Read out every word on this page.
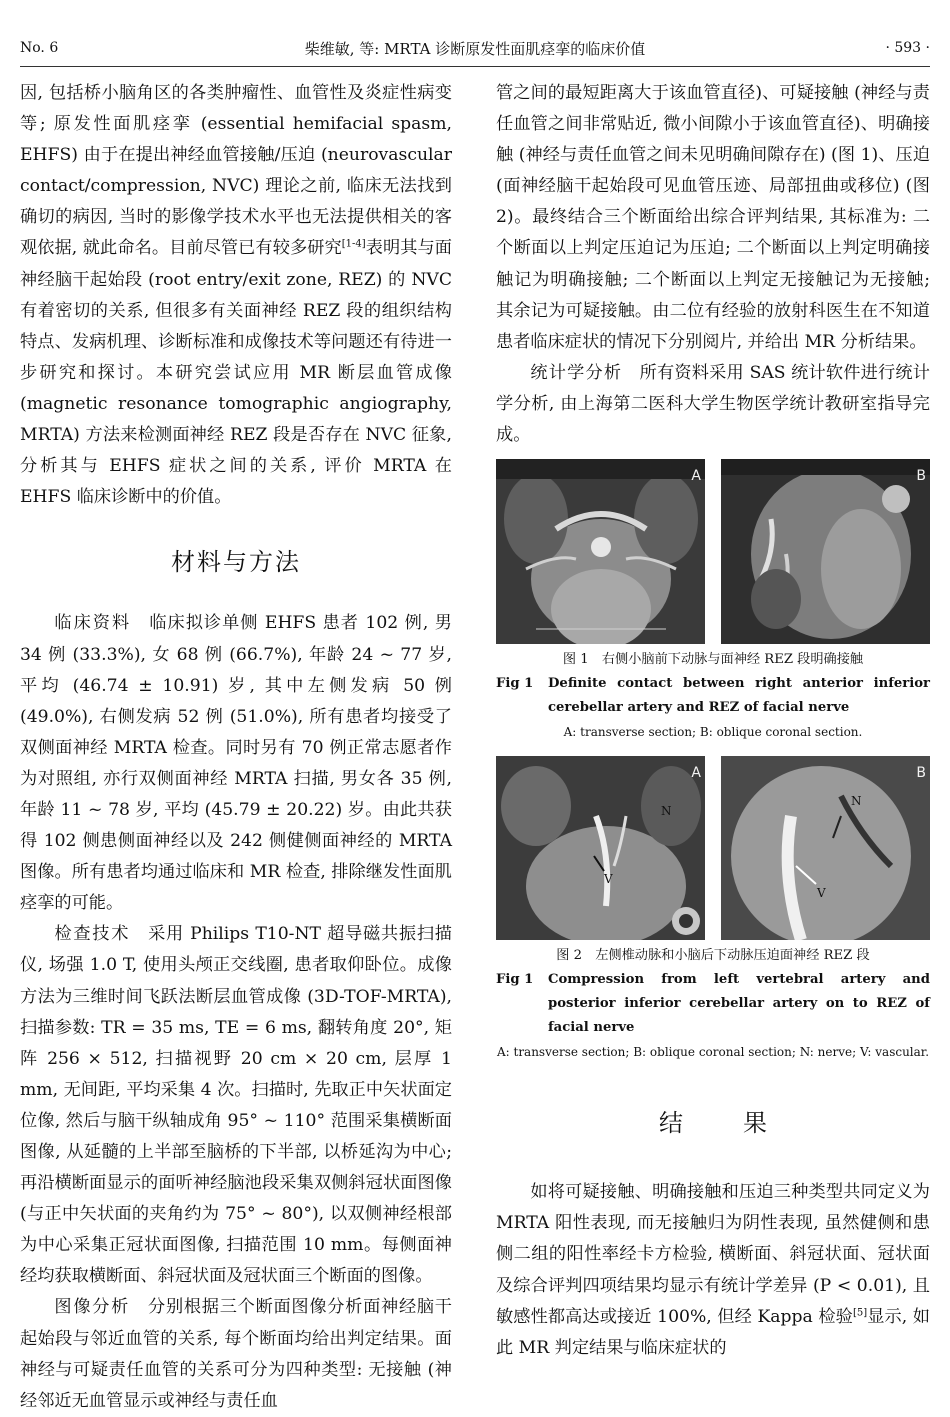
No. 6	柴维敏, 等: MRTA 诊断原发性面肌痉挛的临床价值	· 593 ·

因, 包括桥小脑角区的各类肿瘤性、血管性及炎症性病变等; 原发性面肌痉挛 (essential hemifacial spasm, EHFS) 由于在提出神经血管接触/压迫 (neurovascular contact/compression, NVC) 理论之前, 临床无法找到确切的病因, 当时的影像学技术水平也无法提供相关的客观依据, 就此命名。目前尽管已有较多研究[1-4]表明其与面神经脑干起始段 (root entry/exit zone, REZ) 的 NVC 有着密切的关系, 但很多有关面神经 REZ 段的组织结构特点、发病机理、诊断标准和成像技术等问题还有待进一步研究和探讨。本研究尝试应用 MR 断层血管成像 (magnetic resonance tomographic angiography, MRTA) 方法来检测面神经 REZ 段是否存在 NVC 征象, 分析其与 EHFS 症状之间的关系, 评价 MRTA 在 EHFS 临床诊断中的价值。

材料与方法

临床资料　 临床拟诊单侧 EHFS 患者 102 例, 男 34 例 (33.3%), 女 68 例 (66.7%), 年龄 24 ~ 77 岁, 平均 (46.74 ± 10.91) 岁, 其中左侧发病 50 例 (49.0%), 右侧发病 52 例 (51.0%), 所有患者均接受了双侧面神经 MRTA 检查。同时另有 70 例正常志愿者作为对照组, 亦行双侧面神经 MRTA 扫描, 男女各 35 例, 年龄 11 ~ 78 岁, 平均 (45.79 ± 20.22) 岁。由此共获得 102 侧患侧面神经以及 242 侧健侧面神经的 MRTA 图像。所有患者均通过临床和 MR 检查, 排除继发性面肌痉挛的可能。

检查技术　 采用 Philips T10-NT 超导磁共振扫描仪, 场强 1.0 T, 使用头颅正交线圈, 患者取仰卧位。成像方法为三维时间飞跃法断层血管成像 (3D-TOF-MRTA), 扫描参数: TR = 35 ms, TE = 6 ms, 翻转角度 20°, 矩阵 256 × 512, 扫描视野 20 cm × 20 cm, 层厚 1 mm, 无间距, 平均采集 4 次。扫描时, 先取正中矢状面定位像, 然后与脑干纵轴成角 95° ~ 110° 范围采集横断面图像, 从延髓的上半部至脑桥的下半部, 以桥延沟为中心; 再沿横断面显示的面听神经脑池段采集双侧斜冠状面图像 (与正中矢状面的夹角约为 75° ~ 80°), 以双侧神经根部为中心采集正冠状面图像, 扫描范围 10 mm。每侧面神经均获取横断面、斜冠状面及冠状面三个断面的图像。

图像分析　 分别根据三个断面图像分析面神经脑干起始段与邻近血管的关系, 每个断面均给出判定结果。面神经与可疑责任血管的关系可分为四种类型: 无接触 (神经邻近无血管显示或神经与责任血

管之间的最短距离大于该血管直径)、可疑接触 (神经与责任血管之间非常贴近, 微小间隙小于该血管直径)、明确接触 (神经与责任血管之间未见明确间隙存在) (图 1)、压迫 (面神经脑干起始段可见血管压迹、局部扭曲或移位) (图 2)。最终结合三个断面给出综合评判结果, 其标准为: 二个断面以上判定压迫记为压迫; 二个断面以上判定明确接触记为明确接触; 二个断面以上判定无接触记为无接触; 其余记为可疑接触。由二位有经验的放射科医生在不知道患者临床症状的情况下分别阅片, 并给出 MR 分析结果。

统计学分析　 所有资料采用 SAS 统计软件进行统计学分析, 由上海第二医科大学生物医学统计教研室指导完成。

A	B
图 1　右侧小脑前下动脉与面神经 REZ 段明确接触
Fig 1	Definite contact between right anterior inferior cerebellar artery and REZ of facial nerve
A: transverse section; B: oblique coronal section.
A
N
V
B
N
V
图 2　左侧椎动脉和小脑后下动脉压迫面神经 REZ 段
Fig 1	Compression from left vertebral artery and posterior inferior cerebellar artery on to REZ of facial nerve
A: transverse section; B: oblique coronal section; N: nerve; V: vascular.
结果

如将可疑接触、明确接触和压迫三种类型共同定义为 MRTA 阳性表现, 而无接触归为阴性表现, 虽然健侧和患侧二组的阳性率经卡方检验, 横断面、斜冠状面、冠状面及综合评判四项结果均显示有统计学差异 (P < 0.01), 且敏感性都高达或接近 100%, 但经 Kappa 检验[5]显示, 如此 MR 判定结果与临床症状的
